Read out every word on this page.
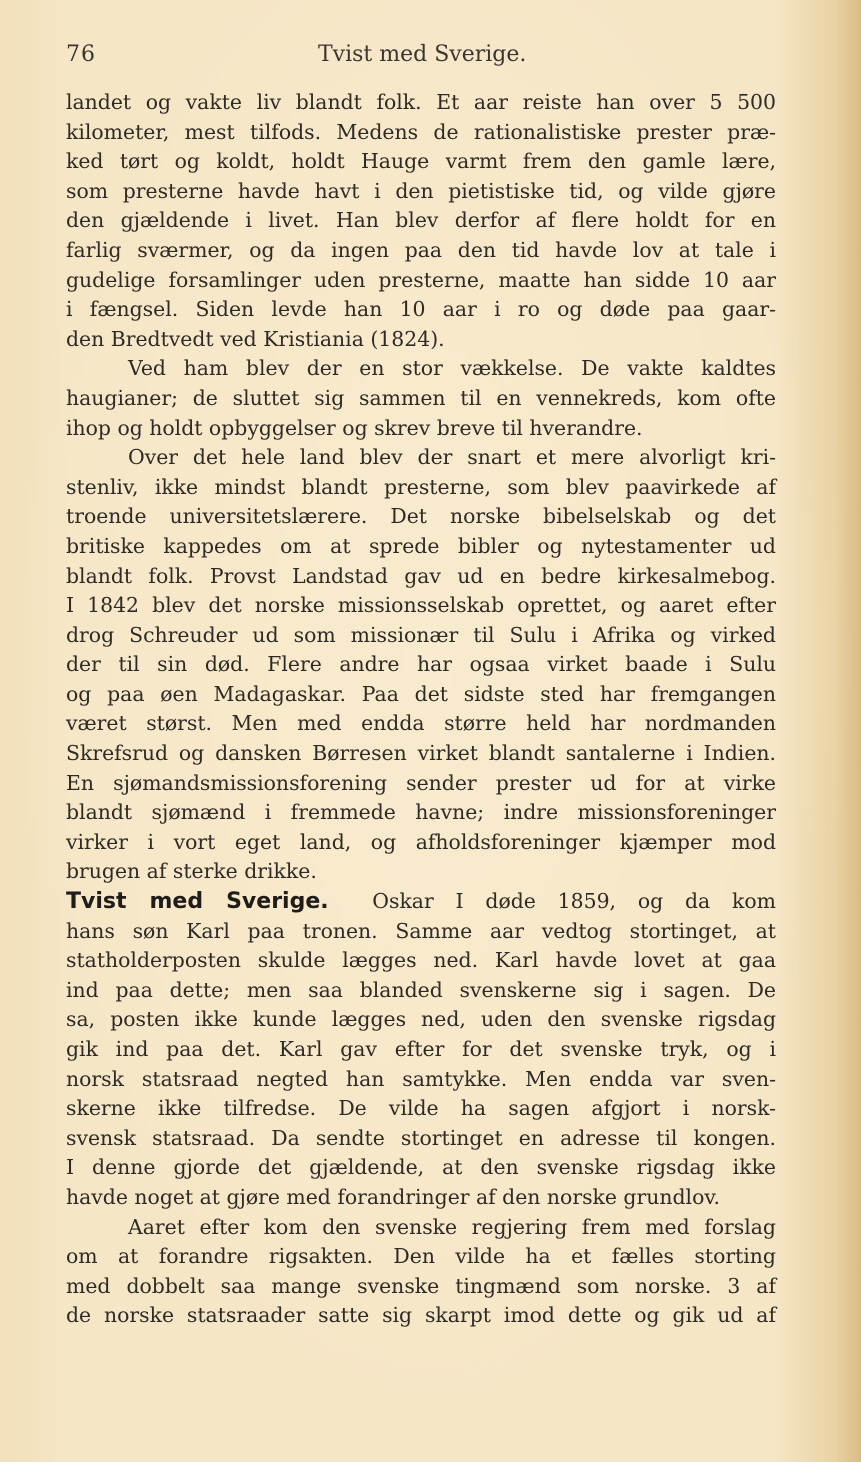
76	Tvist med Sverige.
landet og vakte liv blandt folk. Et aar reiste han over 5 500
kilometer, mest tilfods. Medens de rationalistiske prester præ-
ked tørt og koldt, holdt Hauge varmt frem den gamle lære,
som presterne havde havt i den pietistiske tid, og vilde gjøre
den gjældende i livet. Han blev derfor af flere holdt for en
farlig sværmer, og da ingen paa den tid havde lov at tale i
gudelige forsamlinger uden presterne, maatte han sidde 10 aar
i fængsel. Siden levde han 10 aar i ro og døde paa gaar-
den Bredtvedt ved Kristiania (1824).
Ved ham blev der en stor vækkelse. De vakte kaldtes
haugianer; de sluttet sig sammen til en vennekreds, kom ofte
ihop og holdt opbyggelser og skrev breve til hverandre.
Over det hele land blev der snart et mere alvorligt kri-
stenliv, ikke mindst blandt presterne, som blev paavirkede af
troende universitetslærere. Det norske bibelselskab og det
britiske kappedes om at sprede bibler og nytestamenter ud
blandt folk. Provst Landstad gav ud en bedre kirkesalmebog.
I 1842 blev det norske missionsselskab oprettet, og aaret efter
drog Schreuder ud som missionær til Sulu i Afrika og virked
der til sin død. Flere andre har ogsaa virket baade i Sulu
og paa øen Madagaskar. Paa det sidste sted har fremgangen
været størst. Men med endda større held har nordmanden
Skrefsrud og dansken Børresen virket blandt santalerne i Indien.
En sjømandsmissionsforening sender prester ud for at virke
blandt sjømænd i fremmede havne; indre missionsforeninger
virker i vort eget land, og afholdsforeninger kjæmper mod
brugen af sterke drikke.
Tvist med Sverige. Oskar I døde 1859, og da kom
hans søn Karl paa tronen. Samme aar vedtog stortinget, at
statholderposten skulde lægges ned. Karl havde lovet at gaa
ind paa dette; men saa blanded svenskerne sig i sagen. De
sa, posten ikke kunde lægges ned, uden den svenske rigsdag
gik ind paa det. Karl gav efter for det svenske tryk, og i
norsk statsraad negted han samtykke. Men endda var sven-
skerne ikke tilfredse. De vilde ha sagen afgjort i norsk-
svensk statsraad. Da sendte stortinget en adresse til kongen.
I denne gjorde det gjældende, at den svenske rigsdag ikke
havde noget at gjøre med forandringer af den norske grundlov.
Aaret efter kom den svenske regjering frem med forslag
om at forandre rigsakten. Den vilde ha et fælles storting
med dobbelt saa mange svenske tingmænd som norske. 3 af
de norske statsraader satte sig skarpt imod dette og gik ud af
